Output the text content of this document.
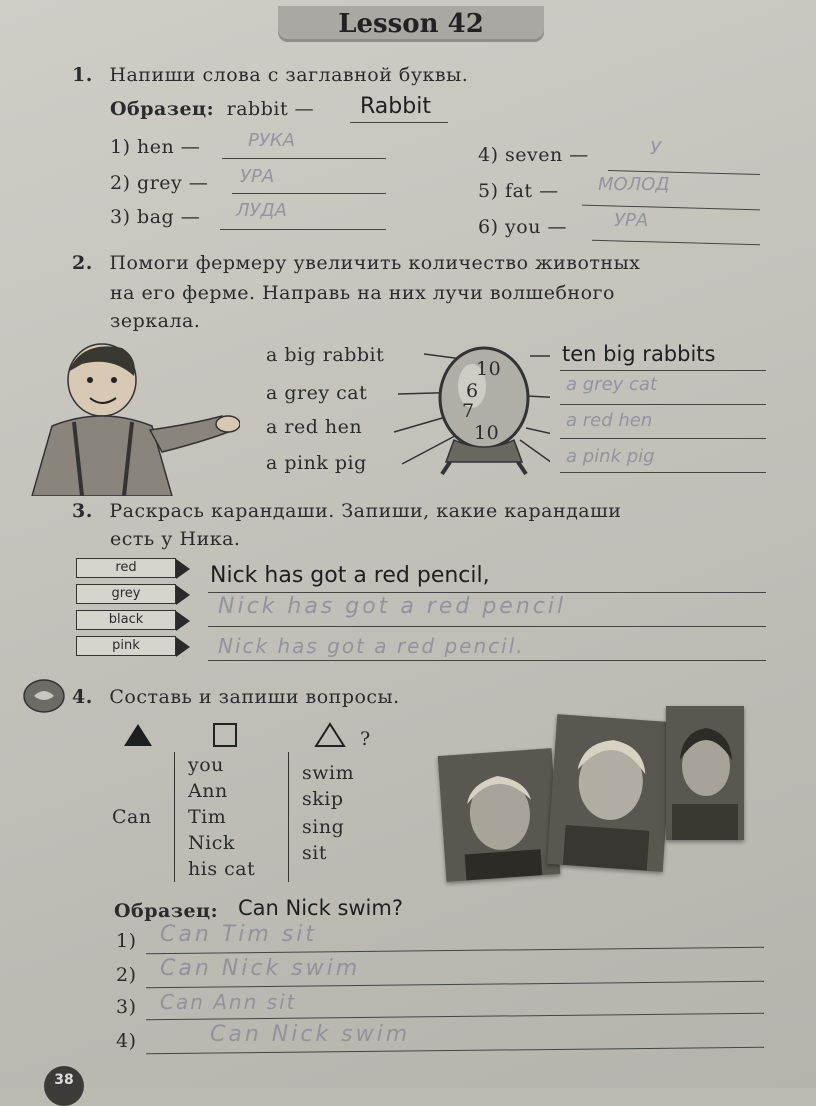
Lesson 42
1. Напиши слова с заглавной буквы.
Образец: rabbit — Rabbit
1) hen —	РУКА
2) grey — УРА
3) bag — ЛУДА
4) seven —	У
5) fat — МОЛОД
6) you —	УРА
2. Помоги фермеру увеличить количество животных
на его ферме. Направь на них лучи волшебного
зеркала.
a big rabbit
a grey cat
a red hen
a pink pig
10
6
7
10
ten big rabbits
a grey cat
a red hen
a pink pig
3. Раскрась карандаши. Запиши, какие карандаши
есть у Ника.
red
grey
black
pink
Nick has got a red pencil,
Nick has got a red pencil
Nick has got a red pencil.
4. Составь и запиши вопросы.
?
Can
you
Ann
Tim
Nick
his cat
swim
skip
sing
sit
Образец: Can Nick swim?
1) Can Tim sit
2) Can Nick swim
3) Can Ann sit
4)	Can Nick swim
38
